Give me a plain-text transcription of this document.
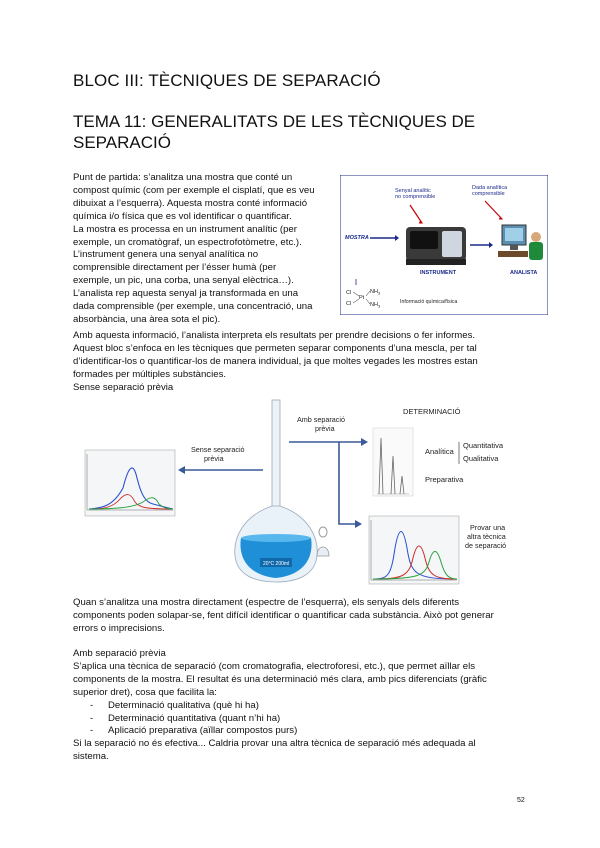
BLOC III: TÈCNIQUES DE SEPARACIÓ
TEMA 11: GENERALITATS DE LES TÈCNIQUES DE SEPARACIÓ

Punt de partida: s’analitza una mostra que conté un

compost químic (com per exemple el cisplatí, que es veu

dibuixat a l’esquerra). Aquesta mostra conté informació

química i/o física que es vol identificar o quantificar.

La mostra es processa en un instrument analític (per

exemple, un cromatògraf, un espectrofotòmetre, etc.).

L’instrument genera una senyal analítica no

comprensible directament per l’ésser humà (per

exemple, un pic, una corba, una senyal elèctrica…).

L’analista rep aquesta senyal ja transformada en una

dada comprensible (per exemple, una concentració, una

absorbància, una àrea sota el pic).

Senyal analític no comprensible
Dada analítica comprensible
MOSTRA
INSTRUMENT	ANALISTA
Cl
Cl
Pt
$NH_3$
$NH_3$
Informació química/física

Amb aquesta informació, l’analista interpreta els resultats per prendre decisions o fer informes.

Aquest bloc s’enfoca en les tècniques que permeten separar components d’una mescla, per tal

d’identificar-los o quantificar-los de manera individual, ja que moltes vegades les mostres estan

formades per múltiples substàncies.

Sense separació prèvia

Sense separació prèvia
20°C 200ml
Amb separació prèvia
DETERMINACIÓ
Analítica
Quantitativa
Qualitativa
Preparativa
Provar una altra tècnica de separació

Quan s’analitza una mostra directament (espectre de l’esquerra), els senyals dels diferents

components poden solapar-se, fent difícil identificar o quantificar cada substància. Això pot generar

errors o imprecisions.

Amb separació prèvia

S’aplica una tècnica de separació (com cromatografia, electroforesi, etc.), que permet aïllar els

components de la mostra. El resultat és una determinació més clara, amb pics diferenciats (gràfic

superior dret), cosa que facilita la:

- Determinació qualitativa (què hi ha)
- Determinació quantitativa (quant n’hi ha)
- Aplicació preparativa (aïllar compostos purs)

Si la separació no és efectiva... Caldria provar una altra tècnica de separació més adequada al

sistema.

52
